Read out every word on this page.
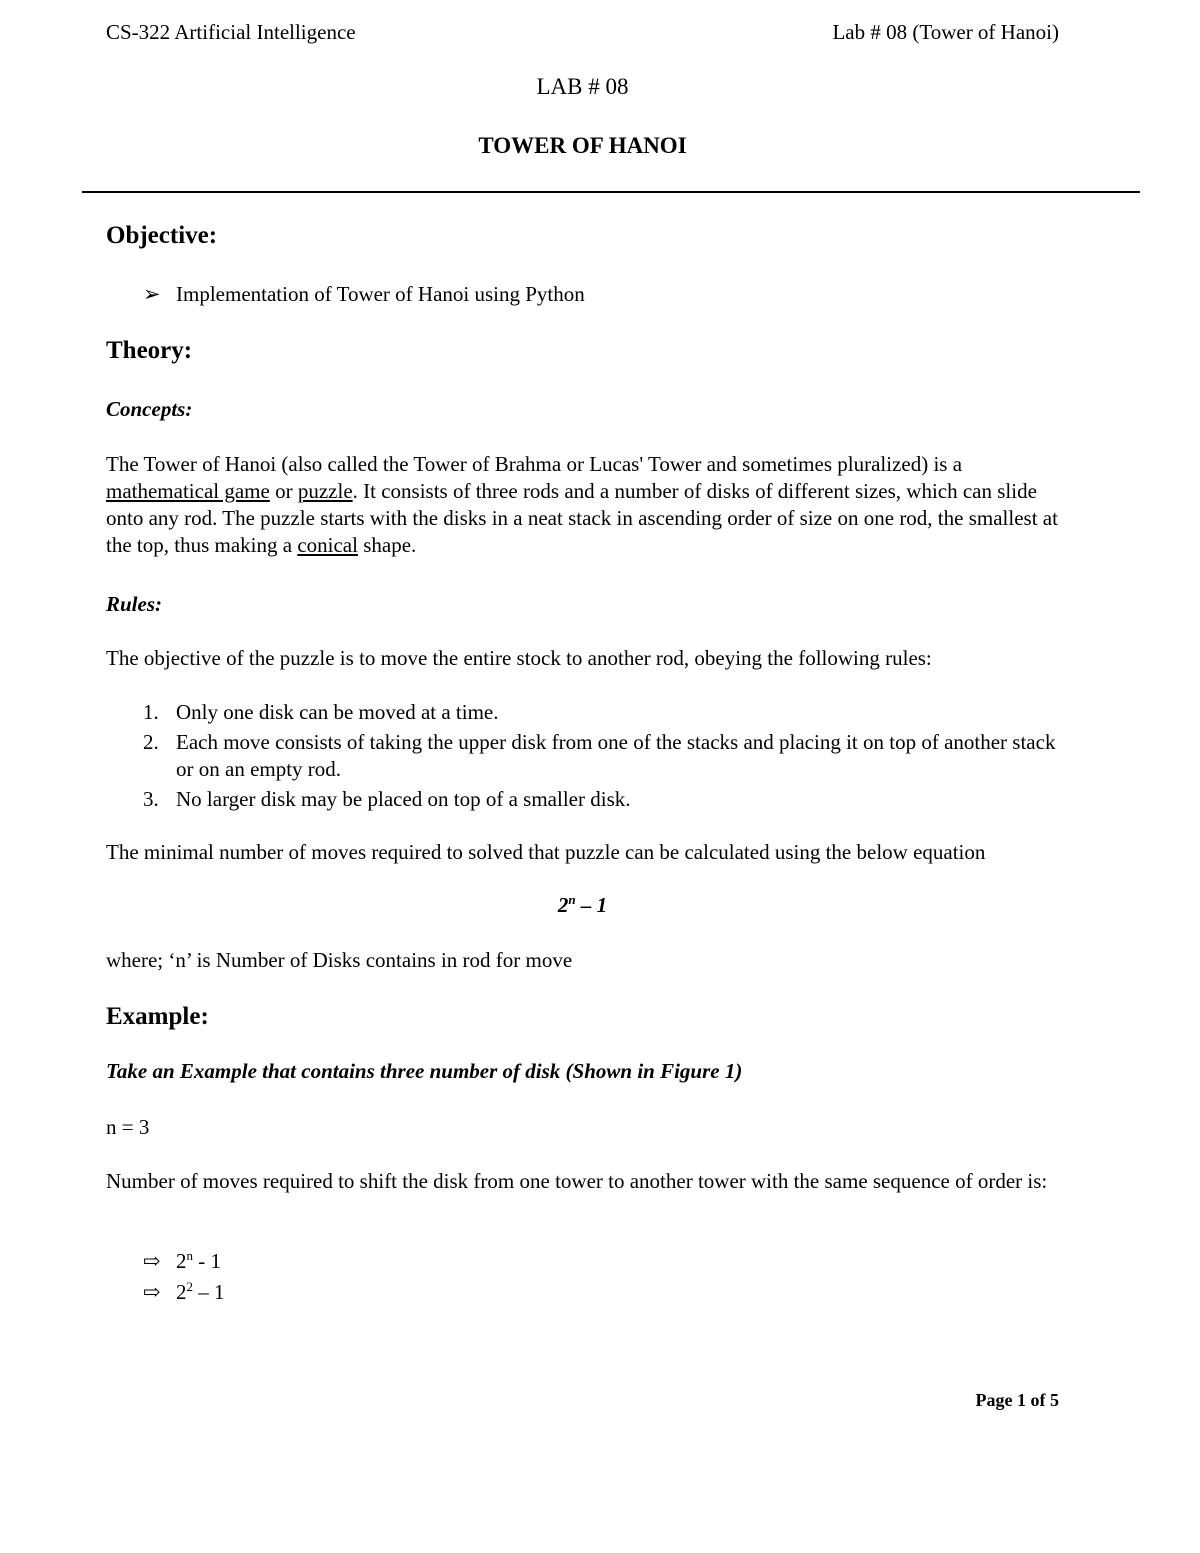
CS-322 Artificial Intelligence	Lab # 08 (Tower of Hanoi)
LAB # 08
TOWER OF HANOI
Objective:
➢ Implementation of Tower of Hanoi using Python
Theory:
Concepts:
The Tower of Hanoi (also called the Tower of Brahma or Lucas' Tower and sometimes pluralized) is a mathematical game or puzzle. It consists of three rods and a number of disks of different sizes, which can slide onto any rod. The puzzle starts with the disks in a neat stack in ascending order of size on one rod, the smallest at the top, thus making a conical shape.
Rules:
The objective of the puzzle is to move the entire stock to another rod, obeying the following rules:
1. Only one disk can be moved at a time.
2. Each move consists of taking the upper disk from one of the stacks and placing it on top of another stack or on an empty rod.
3. No larger disk may be placed on top of a smaller disk.
The minimal number of moves required to solved that puzzle can be calculated using the below equation
2$^n$ – 1
where; ‘n’ is Number of Disks contains in rod for move
Example:
Take an Example that contains three number of disk (Shown in Figure 1)
n = 3
Number of moves required to shift the disk from one tower to another tower with the same sequence of order is:
⇨ 2$^n$ - 1
⇨ $2^2 - 1$
Page 1 of 5
